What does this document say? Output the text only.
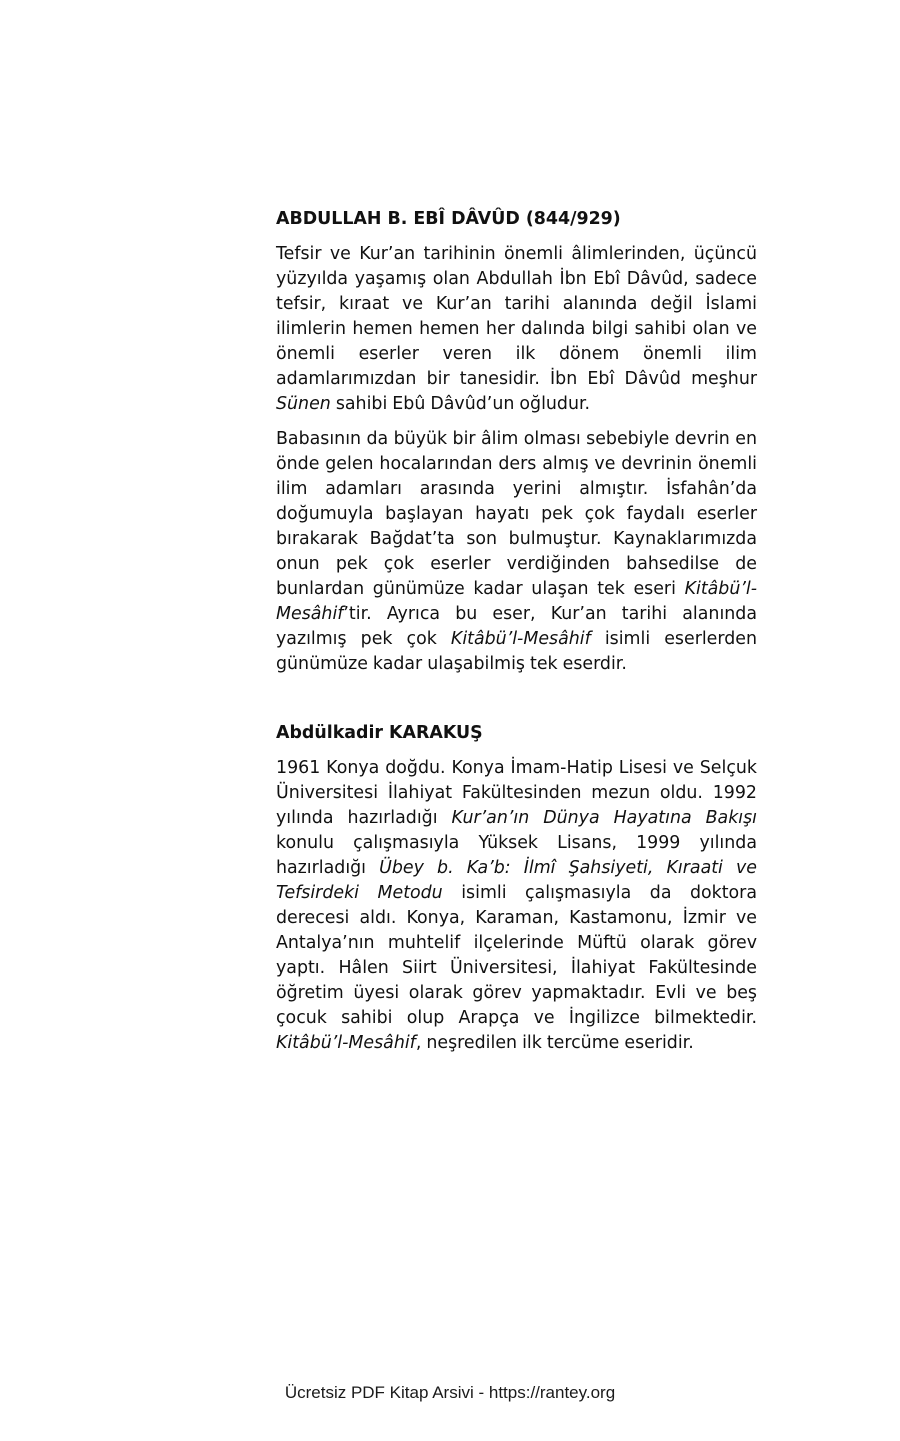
ABDULLAH B. EBÎ DÂVÛD (844/929)

Tefsir ve Kur’an tarihinin önemli âlimlerinden, üçüncü yüzyılda yaşamış olan Abdullah İbn Ebî Dâvûd, sadece tefsir, kıraat ve Kur’an tarihi alanında değil İslami ilimlerin hemen hemen her dalında bilgi sahibi olan ve önemli eserler veren ilk dönem önemli ilim adamlarımızdan bir tanesidir. İbn Ebî Dâvûd meşhur Sünen sahibi Ebû Dâvûd’un oğludur.

Babasının da büyük bir âlim olması sebebiyle devrin en önde gelen hocalarından ders almış ve devrinin önemli ilim adamları arasında yerini almıştır. İsfahân’da doğumuyla başlayan hayatı pek çok faydalı eserler bırakarak Bağdat’ta son bulmuştur. Kaynaklarımızda onun pek çok eserler verdiğinden bahsedilse de bunlardan günümüze kadar ulaşan tek eseri Kitâbü’l-Mesâhif’tir. Ayrıca bu eser, Kur’an tarihi alanında yazılmış pek çok Kitâbü’l-Mesâhif isimli eserlerden günümüze kadar ulaşabilmiş tek eserdir.

Abdülkadir KARAKUŞ

1961 Konya doğdu. Konya İmam-Hatip Lisesi ve Selçuk Üniversitesi İlahiyat Fakültesinden mezun oldu. 1992 yılında hazırladığı Kur’an’ın Dünya Hayatına Bakışı konulu çalışmasıyla Yüksek Lisans, 1999 yılında hazırladığı Übey b. Ka’b: İlmî Şahsiyeti, Kıraati ve Tefsirdeki Metodu isimli çalışmasıyla da doktora derecesi aldı. Konya, Karaman, Kastamonu, İzmir ve Antalya’nın muhtelif ilçelerinde Müftü olarak görev yaptı. Hâlen Siirt Üniversitesi, İlahiyat Fakültesinde öğretim üyesi olarak görev yapmaktadır. Evli ve beş çocuk sahibi olup Arapça ve İngilizce bilmektedir. Kitâbü’l-Mesâhif, neşredilen ilk tercüme eseridir.

Ücretsiz PDF Kitap Arsivi - https://rantey.org
